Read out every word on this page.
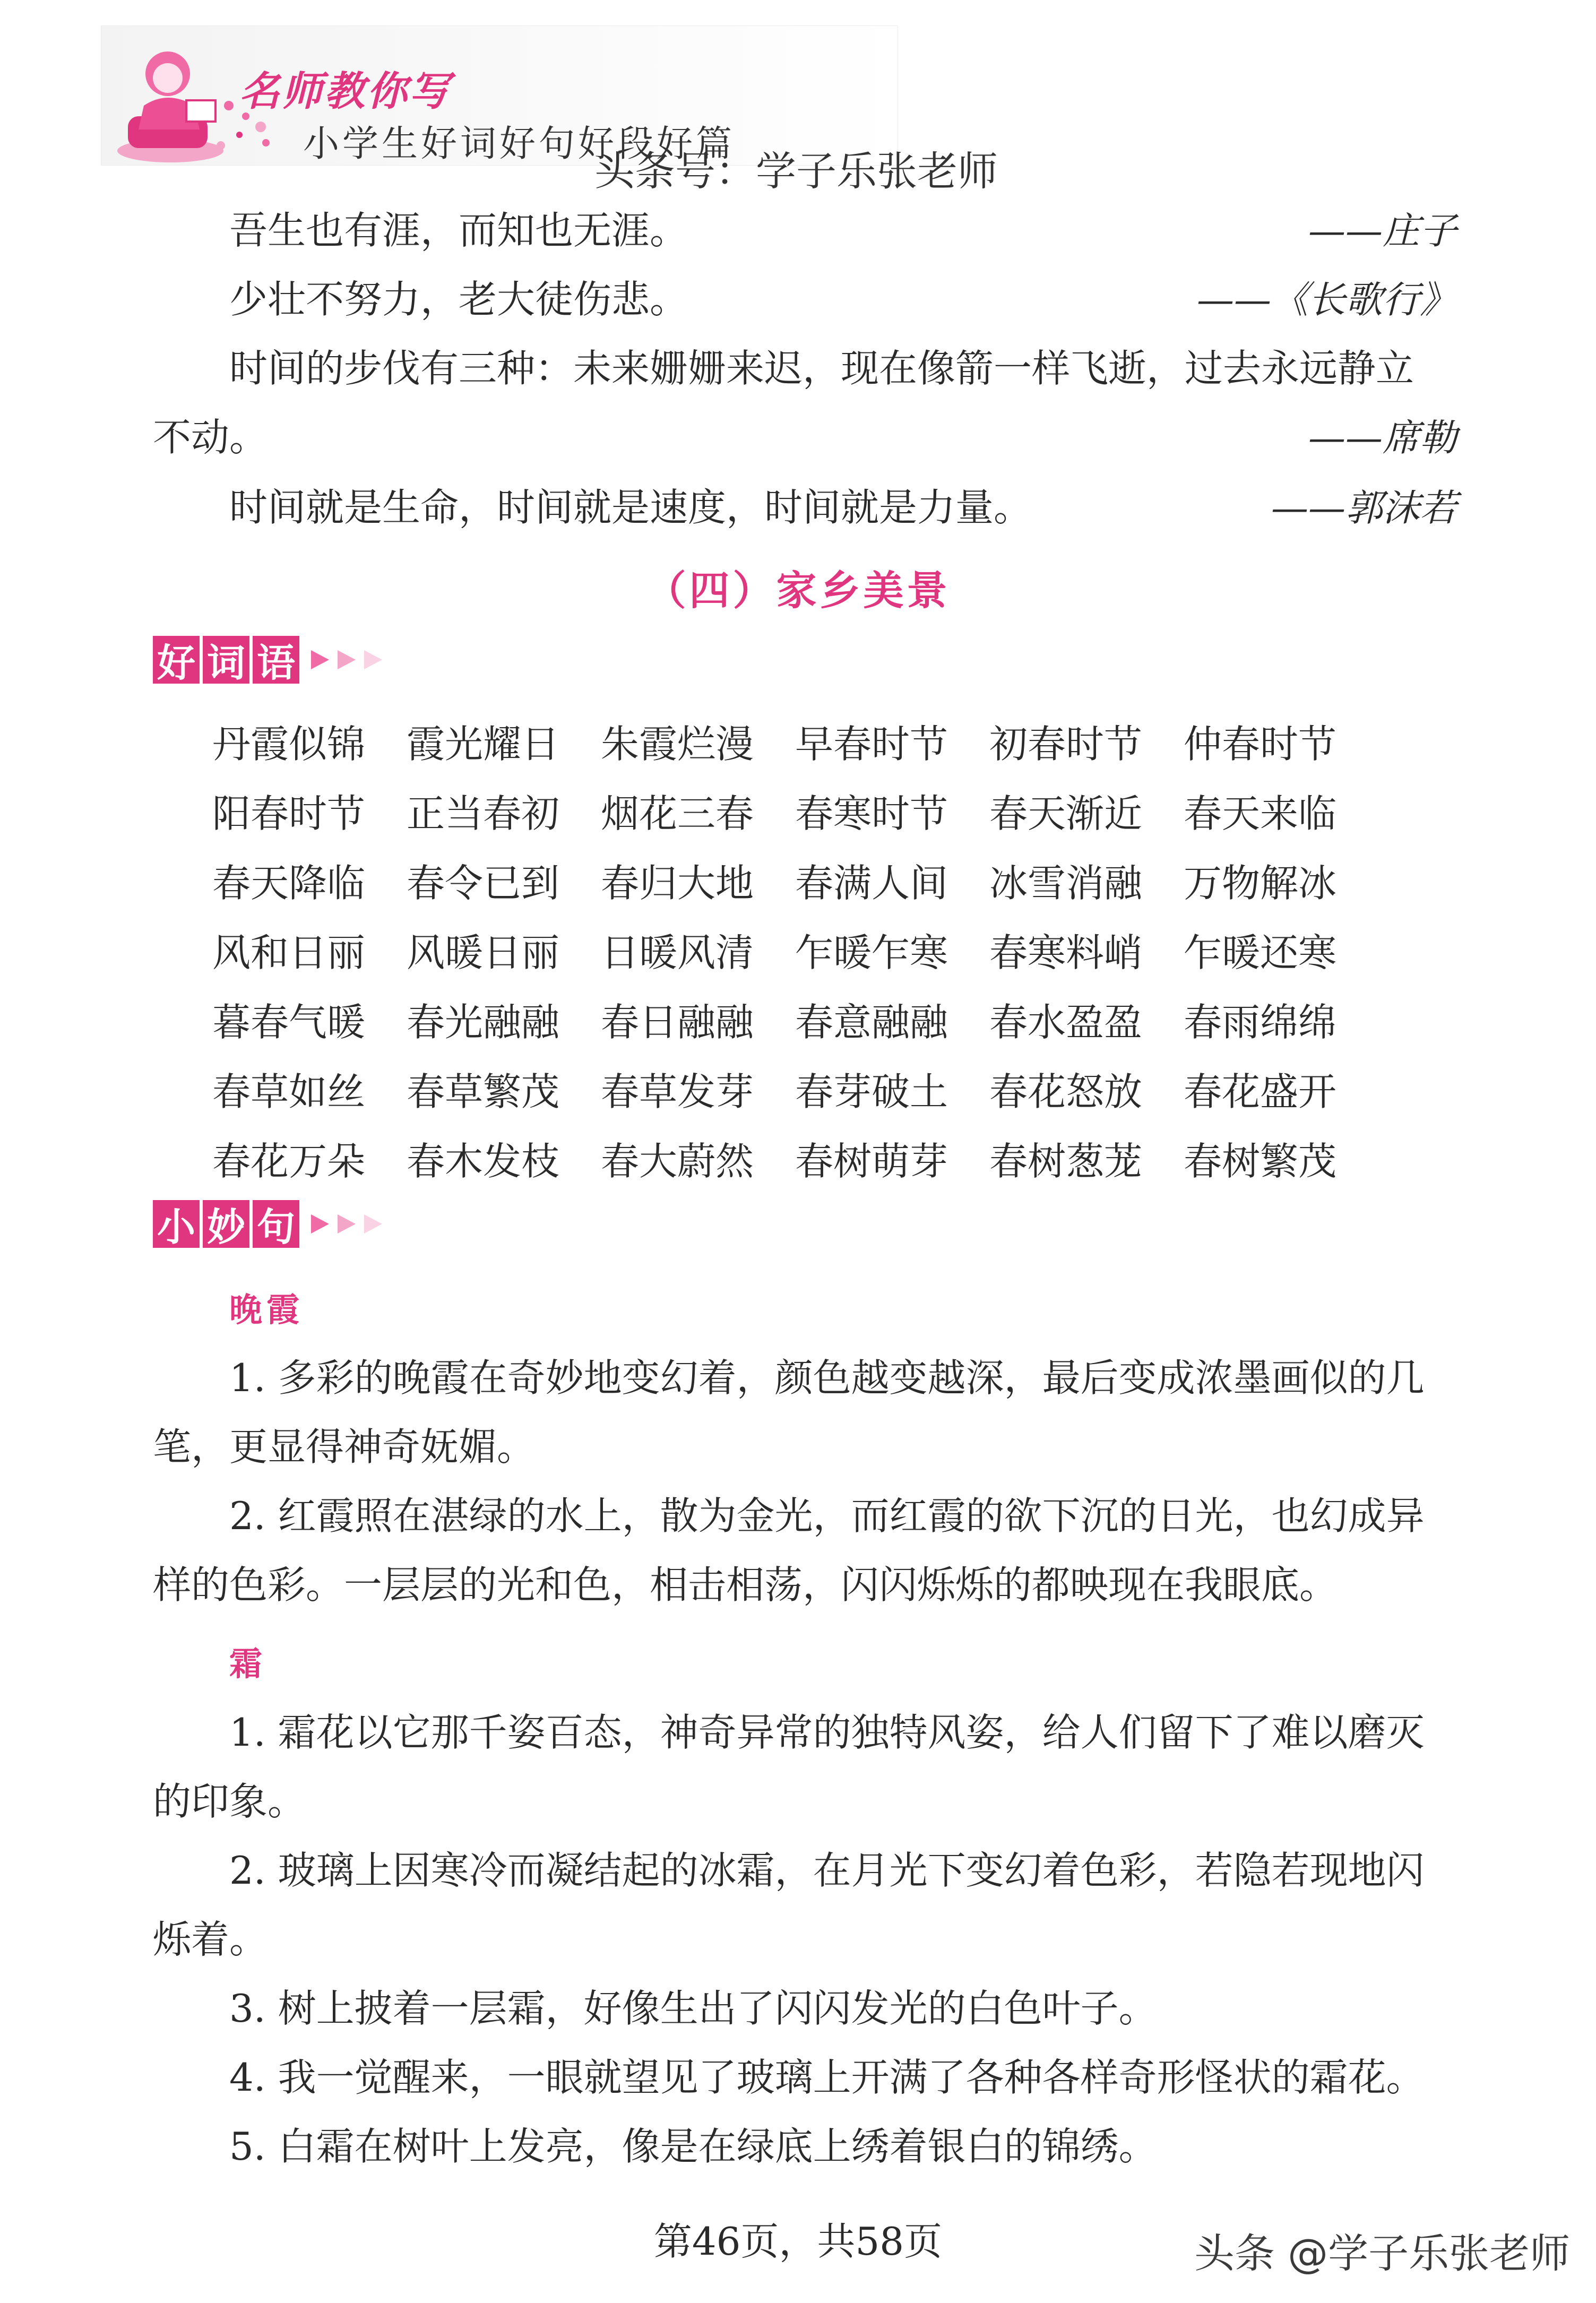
名师教你写
小学生好词好句好段好篇
头条号：学子乐张老师
吾生也有涯，而知也无涯。	——庄子
少壮不努力，老大徒伤悲。	——《长歌行》
时间的步伐有三种：未来姗姗来迟，现在像箭一样飞逝，过去永远静立
不动。	——席勒
时间就是生命，时间就是速度，时间就是力量。	——郭沫若
（四）家乡美景
好 词 语
丹霞似锦	霞光耀日	朱霞烂漫	早春时节	初春时节	仲春时节
阳春时节	正当春初	烟花三春	春寒时节	春天渐近	春天来临
春天降临	春令已到	春归大地	春满人间	冰雪消融	万物解冰
风和日丽	风暖日丽	日暖风清	乍暖乍寒	春寒料峭	乍暖还寒
暮春气暖	春光融融	春日融融	春意融融	春水盈盈	春雨绵绵
春草如丝	春草繁茂	春草发芽	春芽破土	春花怒放	春花盛开
春花万朵	春木发枝	春大蔚然	春树萌芽	春树葱茏	春树繁茂
小 妙 句
晚霞
1. 多彩的晚霞在奇妙地变幻着，颜色越变越深，最后变成浓墨画似的几
笔，更显得神奇妩媚。
2. 红霞照在湛绿的水上，散为金光，而红霞的欲下沉的日光，也幻成异
样的色彩。一层层的光和色，相击相荡，闪闪烁烁的都映现在我眼底。
霜
1. 霜花以它那千姿百态，神奇异常的独特风姿，给人们留下了难以磨灭
的印象。
2. 玻璃上因寒冷而凝结起的冰霜，在月光下变幻着色彩，若隐若现地闪
烁着。
3. 树上披着一层霜，好像生出了闪闪发光的白色叶子。
4. 我一觉醒来，一眼就望见了玻璃上开满了各种各样奇形怪状的霜花。
5. 白霜在树叶上发亮，像是在绿底上绣着银白的锦绣。
第46页，共58页	头条 @学子乐张老师
